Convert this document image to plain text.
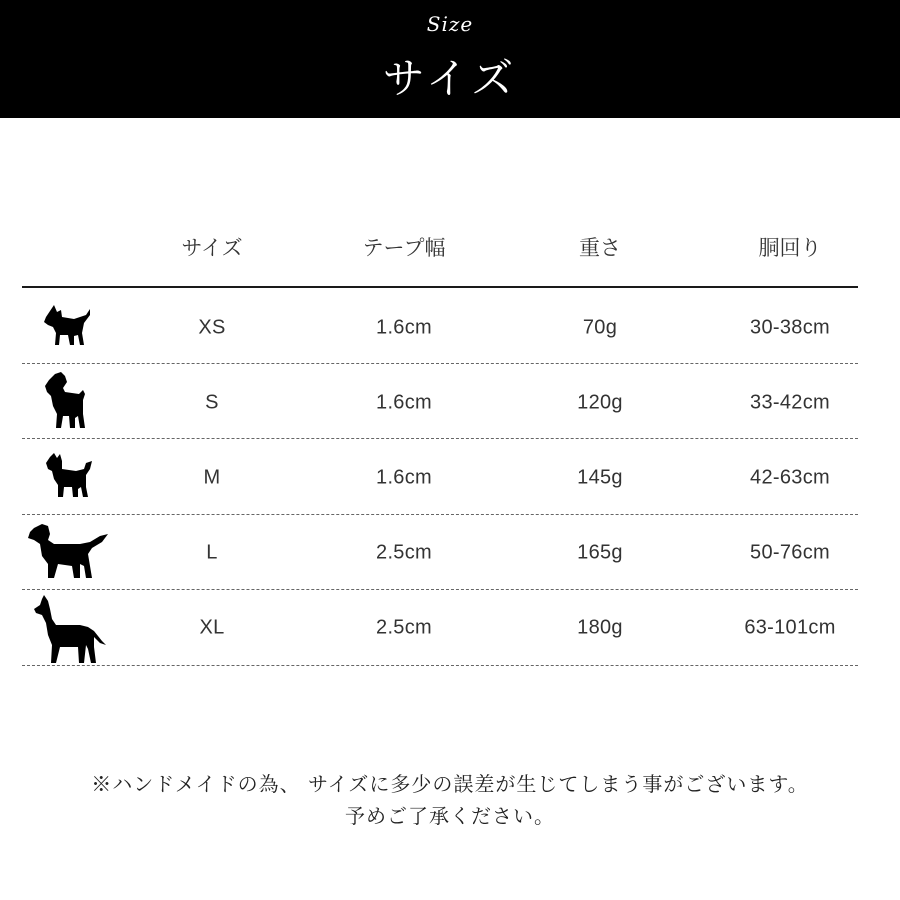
Size
サイズ
サイズ	テープ幅	重さ	胴回り
XS	1.6cm	70g	30-38cm
S	1.6cm	120g	33-42cm
M	1.6cm	145g	42-63cm
L	2.5cm	165g	50-76cm
XL	2.5cm	180g	63-101cm
※ハンドメイドの為、 サイズに多少の誤差が生じてしまう事がございます。
予めご了承ください。
